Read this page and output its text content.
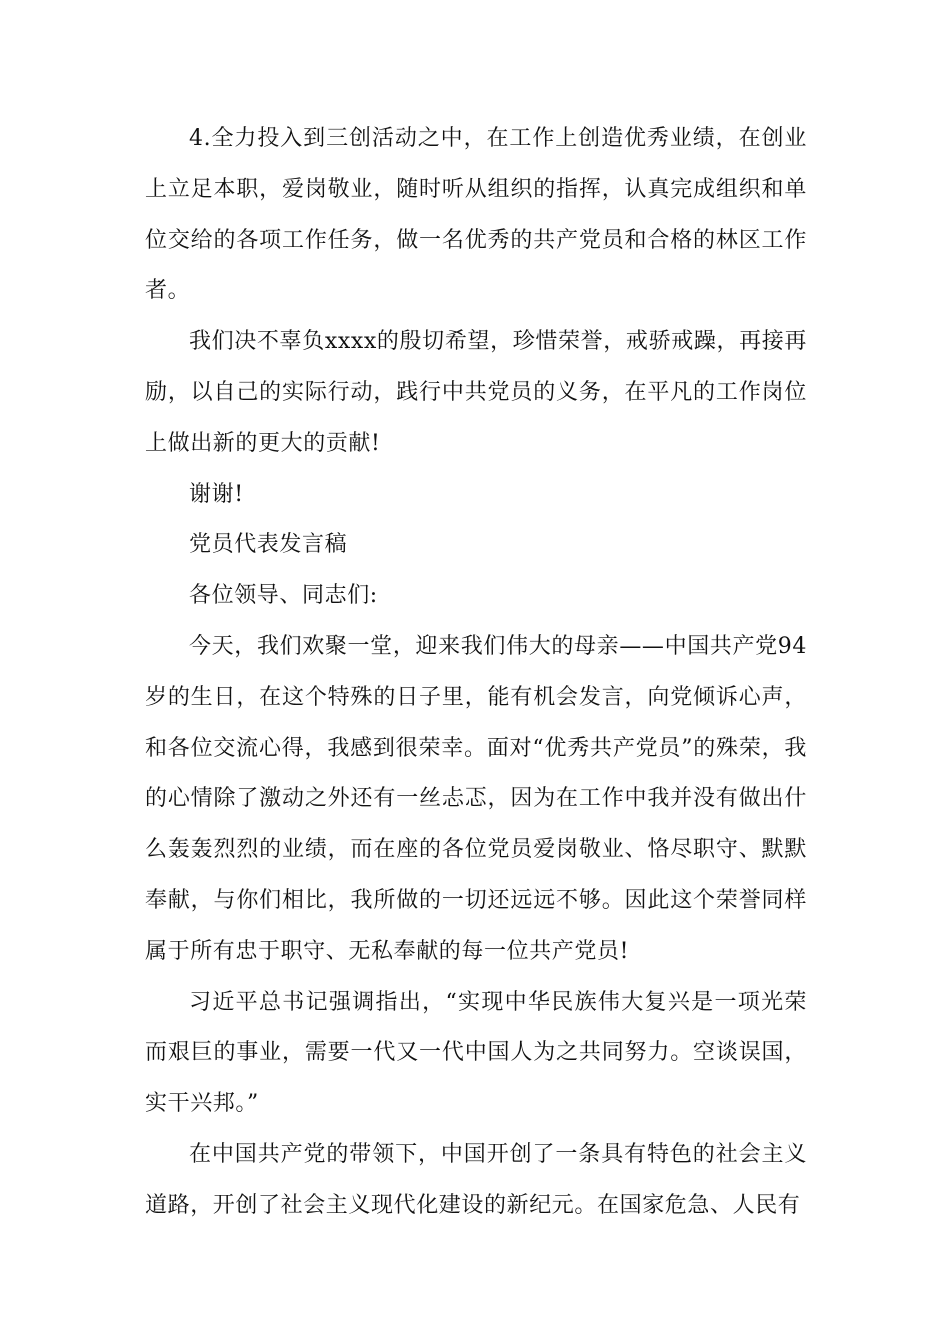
4.全力投入到三创活动之中，在工作上创造优秀业绩，在创业上立足本职，爱岗敬业，随时听从组织的指挥，认真完成组织和单位交给的各项工作任务，做一名优秀的共产党员和合格的林区工作者。

我们决不辜负xxxx的殷切希望，珍惜荣誉，戒骄戒躁，再接再励，以自己的实际行动，践行中共党员的义务，在平凡的工作岗位上做出新的更大的贡献!

谢谢!

党员代表发言稿

各位领导、同志们:

今天，我们欢聚一堂，迎来我们伟大的母亲——中国共产党94岁的生日，在这个特殊的日子里，能有机会发言，向党倾诉心声，和各位交流心得，我感到很荣幸。面对“优秀共产党员”的殊荣，我的心情除了激动之外还有一丝忐忑，因为在工作中我并没有做出什么轰轰烈烈的业绩，而在座的各位党员爱岗敬业、恪尽职守、默默奉献，与你们相比，我所做的一切还远远不够。因此这个荣誉同样属于所有忠于职守、无私奉献的每一位共产党员!

习近平总书记强调指出，“实现中华民族伟大复兴是一项光荣而艰巨的事业，需要一代又一代中国人为之共同努力。空谈误国，实干兴邦。”

在中国共产党的带领下，中国开创了一条具有特色的社会主义道路，开创了社会主义现代化建设的新纪元。在国家危急、人民有
